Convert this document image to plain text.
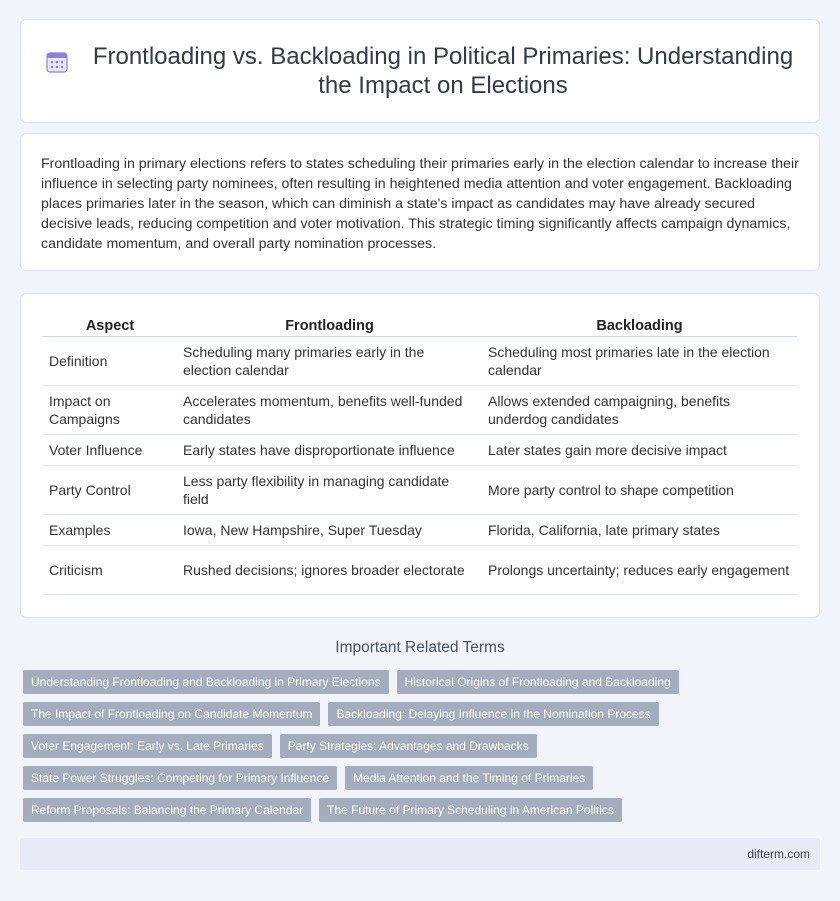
Frontloading vs. Backloading in Political Primaries: Understanding the Impact on Elections

Frontloading in primary elections refers to states scheduling their primaries early in the election calendar to increase their influence in selecting party nominees, often resulting in heightened media attention and voter engagement. Backloading places primaries later in the season, which can diminish a state's impact as candidates may have already secured decisive leads, reducing competition and voter motivation. This strategic timing significantly affects campaign dynamics, candidate momentum, and overall party nomination processes.

Aspect	Frontloading	Backloading
Definition	Scheduling many primaries early in the election calendar	Scheduling most primaries late in the election calendar
Impact on Campaigns	Accelerates momentum, benefits well-funded candidates	Allows extended campaigning, benefits underdog candidates
Voter Influence	Early states have disproportionate influence	Later states gain more decisive impact
Party Control	Less party flexibility in managing candidate field	More party control to shape competition
Examples	Iowa, New Hampshire, Super Tuesday	Florida, California, late primary states
Criticism	Rushed decisions; ignores broader electorate	Prolongs uncertainty; reduces early engagement
Important Related Terms
Understanding Frontloading and Backloading in Primary Elections	Historical Origins of Frontloading and Backloading
The Impact of Frontloading on Candidate Momentum	Backloading: Delaying Influence in the Nomination Process
Voter Engagement: Early vs. Late Primaries	Party Strategies: Advantages and Drawbacks
State Power Struggles: Competing for Primary Influence	Media Attention and the Timing of Primaries
Reform Proposals: Balancing the Primary Calendar	The Future of Primary Scheduling in American Politics
difterm.com
